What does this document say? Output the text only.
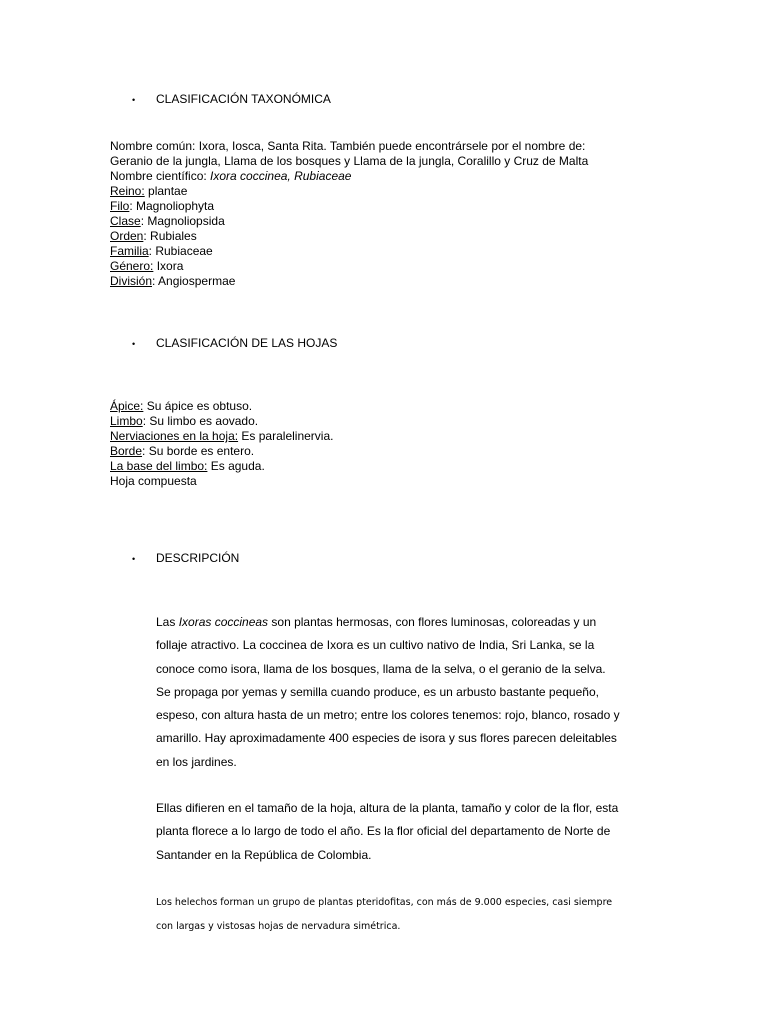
• CLASIFICACIÓN TAXONÓMICA
Nombre común: Ixora, Iosca, Santa Rita. También puede encontrársele por el nombre de:
Geranio de la jungla, Llama de los bosques y Llama de la jungla, Coralillo y Cruz de Malta
Nombre científico: Ixora coccinea, Rubiaceae
Reino: plantae
Filo: Magnoliophyta
Clase: Magnoliopsida
Orden: Rubiales
Familia: Rubiaceae
Género: Ixora
División: Angiospermae
• CLASIFICACIÓN DE LAS HOJAS
Ápice: Su ápice es obtuso.
Limbo: Su limbo es aovado.
Nerviaciones en la hoja: Es paralelinervia.
Borde: Su borde es entero.
La base del limbo: Es aguda.
Hoja compuesta
• DESCRIPCIÓN
Las Ixoras coccineas son plantas hermosas, con flores luminosas, coloreadas y un
follaje atractivo. La coccinea de Ixora es un cultivo nativo de India, Sri Lanka, se la
conoce como isora, llama de los bosques, llama de la selva, o el geranio de la selva.
Se propaga por yemas y semilla cuando produce, es un arbusto bastante pequeño,
espeso, con altura hasta de un metro; entre los colores tenemos: rojo, blanco, rosado y
amarillo. Hay aproximadamente 400 especies de isora y sus flores parecen deleitables
en los jardines.
Ellas difieren en el tamaño de la hoja, altura de la planta, tamaño y color de la flor, esta
planta florece a lo largo de todo el año. Es la flor oficial del departamento de Norte de
Santander en la República de Colombia.
Los helechos forman un grupo de plantas pteridofitas, con más de 9.000 especies, casi siempre
con largas y vistosas hojas de nervadura simétrica.
